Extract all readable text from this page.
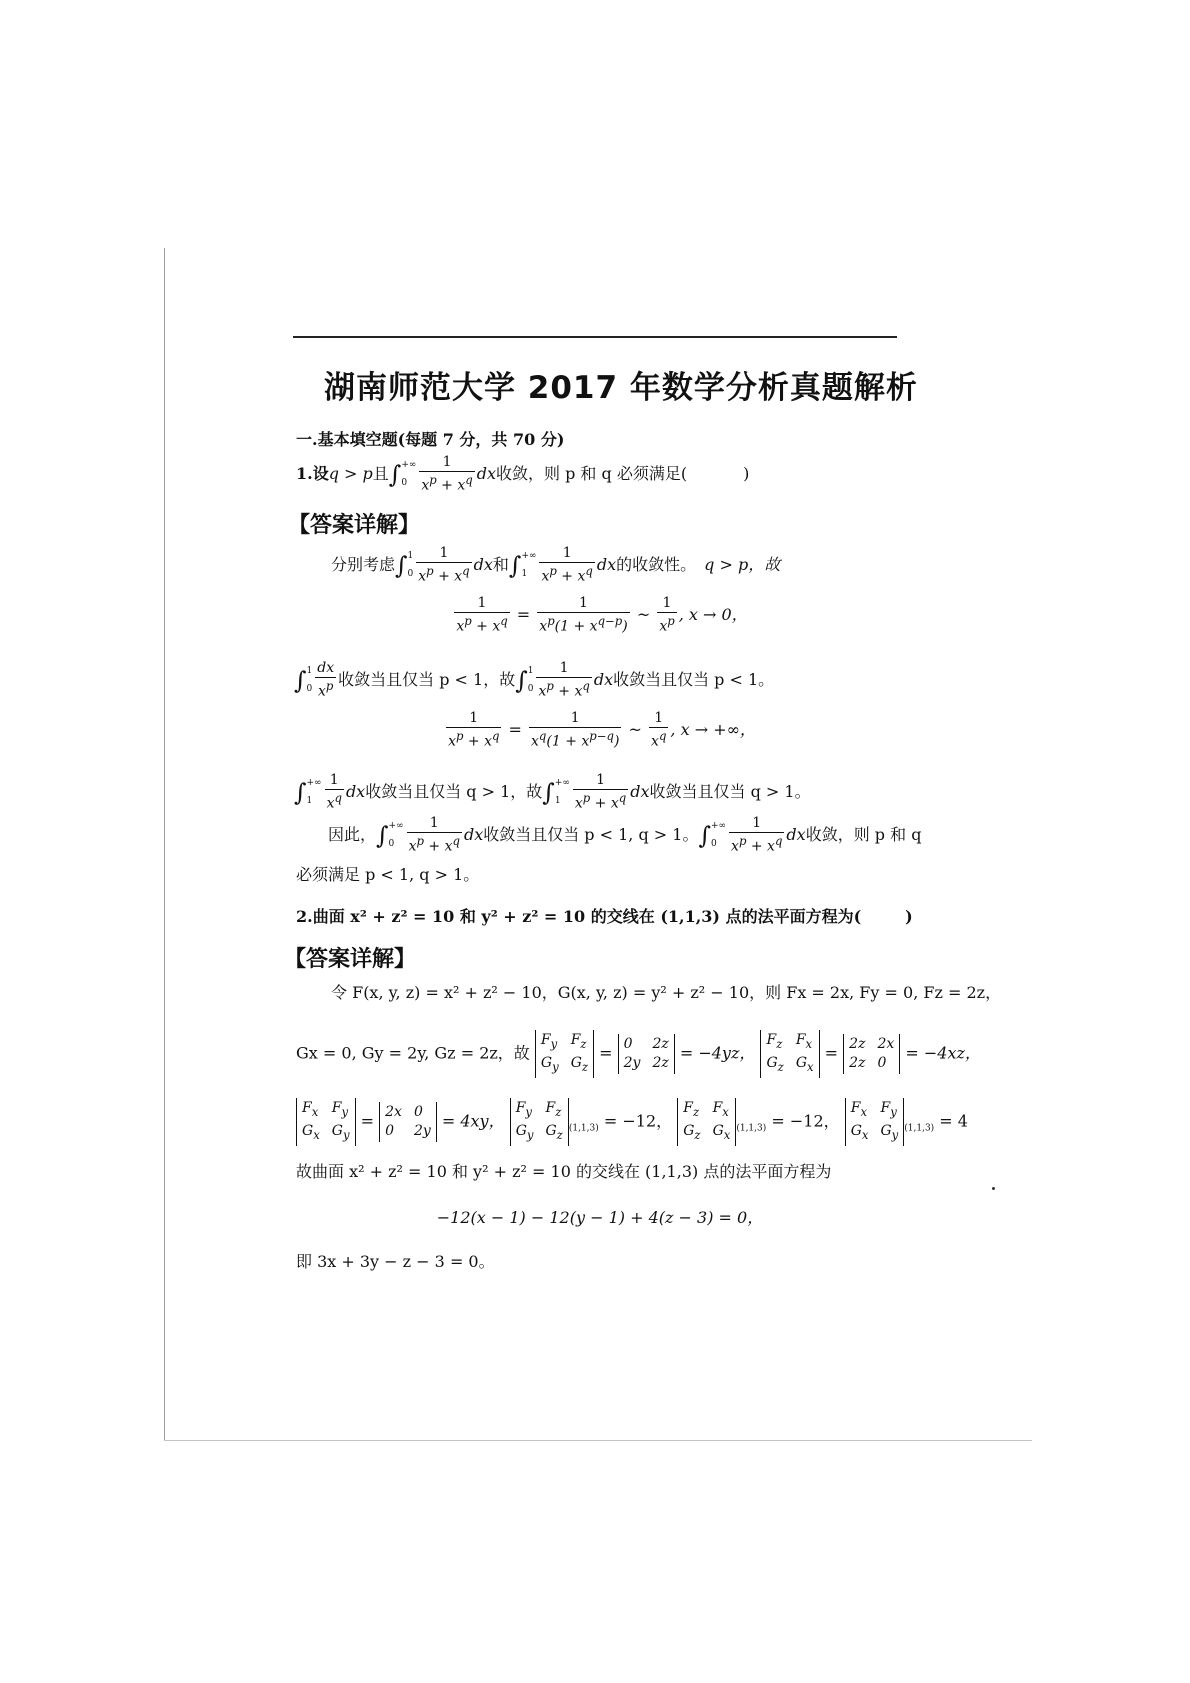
湖南师范大学 2017 年数学分析真题解析
一.基本填空题(每题 7 分，共 70 分)
1.设q > p且∫ +∞
$0 \frac{1}{x^p + x^q}$ dx收敛，则 p 和 q 必须满足(	)
【答案详解】
分别考虑∫ 1
$0 \frac{1}{x^p + x^q}$ dx和∫ +∞
$1 \frac{1}{x^p + x^q}$ dx的收敛性。 q > p，故
$\frac{1}{x^p + x^q} = \frac{1}{x^p(1 + x^{q-p})}$ ~ $\frac{1}{x^p}$ , x → 0，
∫ 1
$0 \frac{dx}{x^p}$ 收敛当且仅当 p < 1，故∫ 1
$0 \frac{1}{x^p + x^q}$ dx收敛当且仅当 p < 1。
$\frac{1}{x^p + x^q} = \frac{1}{x^q(1 + x^{p-q})}$ ~ $\frac{1}{x^q}$ , x → +∞，
∫ +∞
$1 \frac{1}{x^q}$ dx收敛当且仅当 q > 1，故∫ +∞
$1 \frac{1}{x^p + x^q}$ dx收敛当且仅当 q > 1。
因此，∫ +∞
$0 \frac{1}{x^p + x^q}$ dx收敛当且仅当 p < 1, q > 1。∫ +∞
$0 \frac{1}{x^p + x^q}$ dx收敛，则 p 和 q
必须满足 p < 1, q > 1。
2.曲面 x² + z² = 10 和 y² + z² = 10 的交线在 (1,1,3) 点的法平面方程为(	)
【答案详解】
令 F(x, y, z) = x² + z² − 10，G(x, y, z) = y² + z² − 10，则 Fx = 2x, Fy = 0, Fz = 2z，
Gx = 0, Gy = 2y, Gz = 2z，故
$F_y$ $F_z$
$G_y$ $G_z$
= 0	2z
2y 2z
= −4yz，
$F_z$ $F_x$
$G_z$ $G_x$
= 2z 2x
2z 0
= −4xz，
$F_x$ $F_y$
$G_x$ $G_y$
= 2x 0
0	2y
= 4xy，
$F_y$ $F_z$
$G_y$ $G_z$ $_{(1,1,3)}$ = −12，
$F_z$ $F_x$
$G_z$ $G_x$ $_{(1,1,3)}$ = −12，
$F_x$ $F_y$
$G_x$ $G_y$ $_{(1,1,3)}$ = 4
故曲面 x² + z² = 10 和 y² + z² = 10 的交线在 (1,1,3) 点的法平面方程为
−12(x − 1) − 12(y − 1) + 4(z − 3) = 0，
即 3x + 3y − z − 3 = 0。
